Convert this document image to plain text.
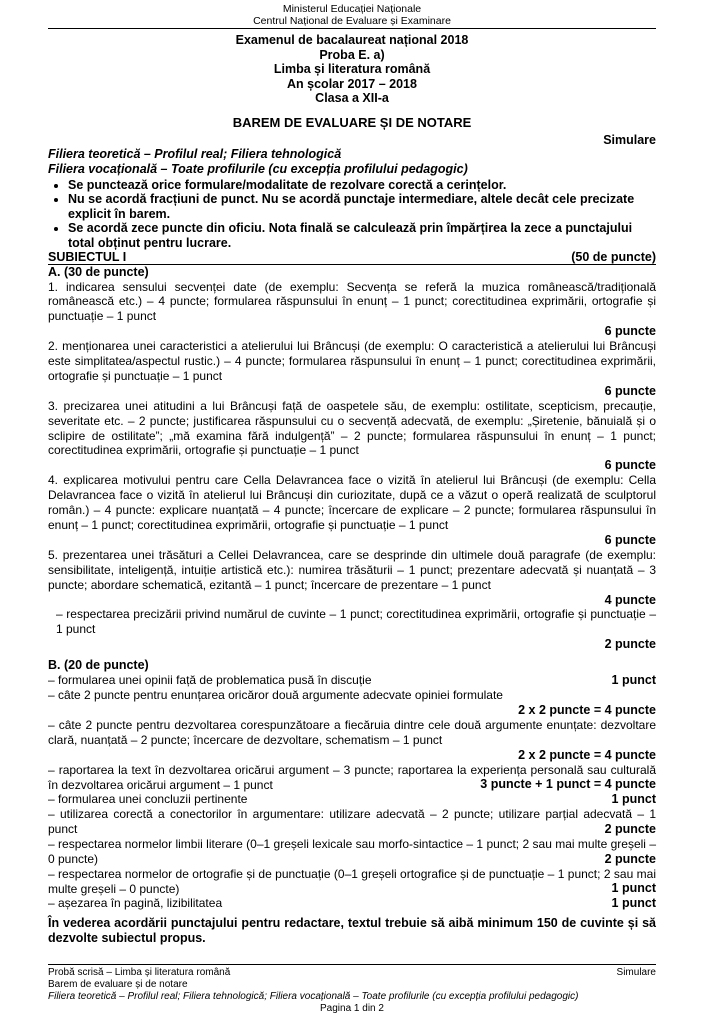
Ministerul Educației Naționale
Centrul Național de Evaluare și Examinare
Examenul de bacalaureat național 2018
Proba E. a)
Limba și literatura română
An școlar 2017 – 2018
Clasa a XII-a
BAREM DE EVALUARE ȘI DE NOTARE
Simulare
Filiera teoretică – Profilul real; Filiera tehnologică
Filiera vocațională – Toate profilurile (cu excepția profilului pedagogic)
• Se punctează orice formulare/modalitate de rezolvare corectă a cerințelor.
• Nu se acordă fracțiuni de punct. Nu se acordă punctaje intermediare, altele decât cele precizate explicit în barem.
• Se acordă zece puncte din oficiu. Nota finală se calculează prin împărțirea la zece a punctajului total obținut pentru lucrare.
SUBIECTUL I	(50 de puncte)
A. (30 de puncte)
1. indicarea sensului secvenței date (de exemplu: Secvența se referă la muzica românească/tradițională românească etc.) – 4 puncte; formularea răspunsului în enunț – 1 punct; corectitudinea exprimării, ortografie și punctuație – 1 punct
6 puncte
2. menționarea unei caracteristici a atelierului lui Brâncuși (de exemplu: O caracteristică a atelierului lui Brâncuși este simplitatea/aspectul rustic.) – 4 puncte; formularea răspunsului în enunț – 1 punct; corectitudinea exprimării, ortografie și punctuație – 1 punct
6 puncte
3. precizarea unei atitudini a lui Brâncuși față de oaspetele său, de exemplu: ostilitate, scepticism, precauție, severitate etc. – 2 puncte; justificarea răspunsului cu o secvență adecvată, de exemplu: „Șiretenie, bănuială și o sclipire de ostilitate”; „mă examina fără indulgență” – 2 puncte; formularea răspunsului în enunț – 1 punct; corectitudinea exprimării, ortografie și punctuație – 1 punct
6 puncte
4. explicarea motivului pentru care Cella Delavrancea face o vizită în atelierul lui Brâncuși (de exemplu: Cella Delavrancea face o vizită în atelierul lui Brâncuși din curiozitate, după ce a văzut o operă realizată de sculptorul român.) – 4 puncte: explicare nuanțată – 4 puncte; încercare de explicare – 2 puncte; formularea răspunsului în enunț – 1 punct; corectitudinea exprimării, ortografie și punctuație – 1 punct
6 puncte
5. prezentarea unei trăsături a Cellei Delavrancea, care se desprinde din ultimele două paragrafe (de exemplu: sensibilitate, inteligență, intuiție artistică etc.): numirea trăsăturii – 1 punct; prezentare adecvată și nuanțată – 3 puncte; abordare schematică, ezitantă – 1 punct; încercare de prezentare – 1 punct
4 puncte
– respectarea precizării privind numărul de cuvinte – 1 punct; corectitudinea exprimării, ortografie și punctuație – 1 punct
2 puncte
B. (20 de puncte)
– formularea unei opinii față de problematica pusă în discuție	1 punct
– câte 2 puncte pentru enunțarea oricăror două argumente adecvate opiniei formulate
2 x 2 puncte = 4 puncte
– câte 2 puncte pentru dezvoltarea corespunzătoare a fiecăruia dintre cele două argumente enunțate: dezvoltare clară, nuanțată – 2 puncte; încercare de dezvoltare, schematism – 1 punct
2 x 2 puncte = 4 puncte
– raportarea la text în dezvoltarea oricărui argument – 3 puncte; raportarea la experiența personală sau culturală în dezvoltarea oricărui argument – 1 punct	3 puncte + 1 punct = 4 puncte
– formularea unei concluzii pertinente	1 punct
– utilizarea corectă a conectorilor în argumentare: utilizare adecvată – 2 puncte; utilizare parțial adecvată – 1 punct	2 puncte
– respectarea normelor limbii literare (0–1 greșeli lexicale sau morfo-sintactice – 1 punct; 2 sau mai multe greșeli – 0 puncte)	2 puncte
– respectarea normelor de ortografie și de punctuație (0–1 greșeli ortografice și de punctuație – 1 punct; 2 sau mai multe greșeli – 0 puncte)	1 punct
– așezarea în pagină, lizibilitatea	1 punct
În vederea acordării punctajului pentru redactare, textul trebuie să aibă minimum 150 de cuvinte și să dezvolte subiectul propus.
Probă scrisă – Limba și literatura română	Simulare
Barem de evaluare și de notare
Filiera teoretică – Profilul real; Filiera tehnologică; Filiera vocațională – Toate profilurile (cu excepția profilului pedagogic)
Pagina 1 din 2
